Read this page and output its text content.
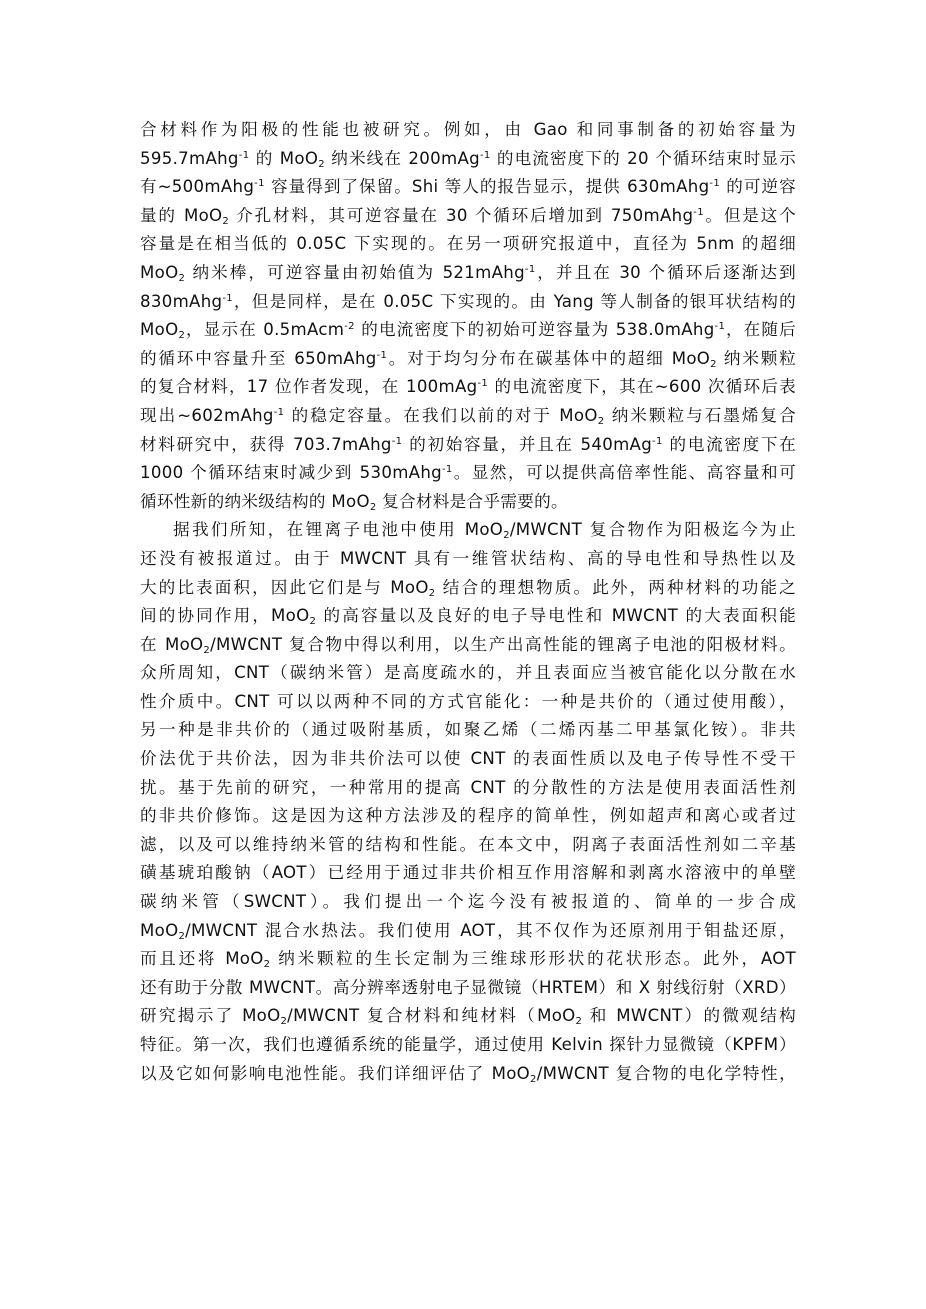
合材料作为阳极的性能也被研究。例如，由 Gao 和同事制备的初始容量为
595.7mAhg$^{-1}$ 的 MoO$_2$ 纳米线在 200mAg$^{-1}$ 的电流密度下的 20 个循环结束时显示
有~500mAhg$^{-1}$ 容量得到了保留。Shi 等人的报告显示，提供 630mAhg$^{-1}$ 的可逆容
量的 MoO$_2$ 介孔材料，其可逆容量在 30 个循环后增加到 750mAhg$^{-1}$。但是这个
容量是在相当低的 0.05C 下实现的。在另一项研究报道中，直径为 5nm 的超细
MoO$_2$ 纳米棒，可逆容量由初始值为 521mAhg$^{-1}$，并且在 30 个循环后逐渐达到
830mAhg$^{-1}$，但是同样，是在 0.05C 下实现的。由 Yang 等人制备的银耳状结构的
MoO$_2$，显示在 0.5mAcm$^{-2}$ 的电流密度下的初始可逆容量为 538.0mAhg$^{-1}$，在随后
的循环中容量升至 650mAhg$^{-1}$。对于均匀分布在碳基体中的超细 MoO$_2$ 纳米颗粒
的复合材料，17 位作者发现，在 100mAg$^{-1}$ 的电流密度下，其在~600 次循环后表
现出~602mAhg$^{-1}$ 的稳定容量。在我们以前的对于 MoO$_2$ 纳米颗粒与石墨烯复合
材料研究中，获得 703.7mAhg$^{-1}$ 的初始容量，并且在 540mAg$^{-1}$ 的电流密度下在
1000 个循环结束时减少到 530mAhg$^{-1}$。显然，可以提供高倍率性能、高容量和可
循环性新的纳米级结构的 MoO$_2$ 复合材料是合乎需要的。
据我们所知，在锂离子电池中使用 MoO$_2$/MWCNT 复合物作为阳极迄今为止
还没有被报道过。由于 MWCNT 具有一维管状结构、高的导电性和导热性以及
大的比表面积，因此它们是与 MoO$_2$ 结合的理想物质。此外，两种材料的功能之
间的协同作用，MoO$_2$ 的高容量以及良好的电子导电性和 MWCNT 的大表面积能
在 MoO$_2$/MWCNT 复合物中得以利用，以生产出高性能的锂离子电池的阳极材料。
众所周知，CNT（碳纳米管）是高度疏水的，并且表面应当被官能化以分散在水
性介质中。CNT 可以以两种不同的方式官能化：一种是共价的（通过使用酸），
另一种是非共价的（通过吸附基质，如聚乙烯（二烯丙基二甲基氯化铵）。非共
价法优于共价法，因为非共价法可以使 CNT 的表面性质以及电子传导性不受干
扰。基于先前的研究，一种常用的提高 CNT 的分散性的方法是使用表面活性剂
的非共价修饰。这是因为这种方法涉及的程序的简单性，例如超声和离心或者过
滤，以及可以维持纳米管的结构和性能。在本文中，阴离子表面活性剂如二辛基
磺基琥珀酸钠（AOT）已经用于通过非共价相互作用溶解和剥离水溶液中的单壁
碳纳米管（SWCNT）。我们提出一个迄今没有被报道的、简单的一步合成
MoO$_2$/MWCNT 混合水热法。我们使用 AOT，其不仅作为还原剂用于钼盐还原，
而且还将 MoO$_2$ 纳米颗粒的生长定制为三维球形形状的花状形态。此外，AOT
还有助于分散 MWCNT。高分辨率透射电子显微镜（HRTEM）和 X 射线衍射（XRD）
研究揭示了 MoO$_2$/MWCNT 复合材料和纯材料（MoO$_2$ 和 MWCNT）的微观结构
特征。第一次，我们也遵循系统的能量学，通过使用 Kelvin 探针力显微镜（KPFM）
以及它如何影响电池性能。我们详细评估了 MoO$_2$/MWCNT 复合物的电化学特性，
